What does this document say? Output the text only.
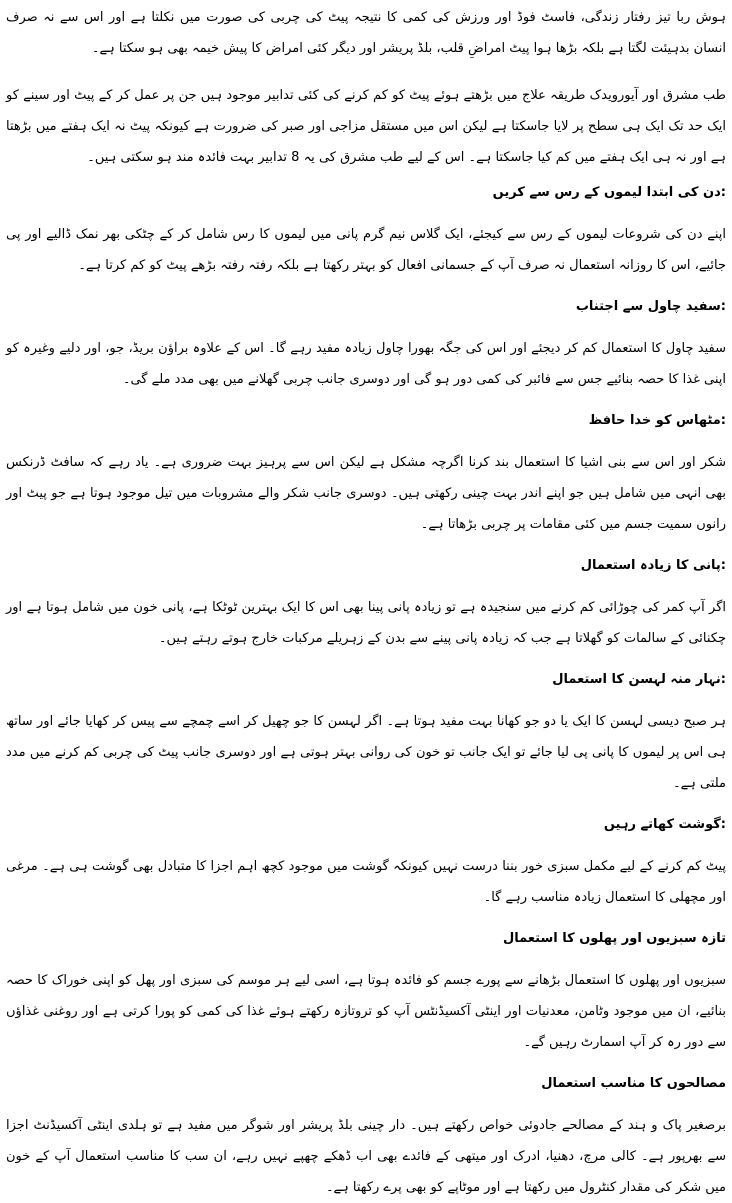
ہوش ربا تیز رفتار زندگی، فاسٹ فوڈ اور ورزش کی کمی کا نتیجہ پیٹ کی چربی کی صورت میں نکلتا ہے اور اس سے نہ صرف انسان بدہیئت لگتا ہے بلکہ بڑھا ہوا پیٹ امراضِ قلب، بلڈ پریشر اور دیگر کئی امراض کا پیش خیمہ بھی ہو سکتا ہے۔

طب مشرق اور آیورویدک طریقہ علاج میں بڑھتے ہوئے پیٹ کو کم کرنے کی کئی تدابیر موجود ہیں جن پر عمل کر کے پیٹ اور سینے کو ایک حد تک ایک ہی سطح پر لایا جاسکتا ہے لیکن اس میں مستقل مزاجی اور صبر کی ضرورت ہے کیونکہ پیٹ نہ ایک ہفتے میں بڑھتا ہے اور نہ ہی ایک ہفتے میں کم کیا جاسکتا ہے۔ اس کے لیے طب مشرق کی یہ 8 تدابیر بہت فائدہ مند ہو سکتی ہیں۔

:دن کی ابتدا لیموں کے رس سے کریں

اپنے دن کی شروعات لیموں کے رس سے کیجئے، ایک گلاس نیم گرم پانی میں لیموں کا رس شامل کر کے چٹکی بھر نمک ڈالیے اور پی جائیے، اس کا روزانہ استعمال نہ صرف آپ کے جسمانی افعال کو بہتر رکھتا ہے بلکہ رفتہ رفتہ بڑھے پیٹ کو کم کرتا ہے۔

:سفید چاول سے اجتناب

سفید چاول کا استعمال کم کر دیجئے اور اس کی جگہ بھورا چاول زیادہ مفید رہے گا۔ اس کے علاوہ براؤن بریڈ، جو، اور دلیے وغیرہ کو اپنی غذا کا حصہ بنائیے جس سے فائبر کی کمی دور ہو گی اور دوسری جانب چربی گھلانے میں بھی مدد ملے گی۔

:مٹھاس کو خدا حافظ

شکر اور اس سے بنی اشیا کا استعمال بند کرنا اگرچہ مشکل ہے لیکن اس سے پرہیز بہت ضروری ہے۔ یاد رہے کہ سافٹ ڈرنکس بھی انہی میں شامل ہیں جو اپنے اندر بہت چینی رکھتی ہیں۔ دوسری جانب شکر والے مشروبات میں تیل موجود ہوتا ہے جو پیٹ اور رانوں سمیت جسم میں کئی مقامات پر چربی بڑھاتا ہے۔

:پانی کا زیادہ استعمال

اگر آپ کمر کی چوڑائی کم کرنے میں سنجیدہ ہے تو زیادہ پانی پینا بھی اس کا ایک بہترین ٹوٹکا ہے، پانی خون میں شامل ہوتا ہے اور چکنائی کے سالمات کو گھلاتا ہے جب کہ زیادہ پانی پینے سے بدن کے زہریلے مرکبات خارج ہوتے رہتے ہیں۔

:نہار منہ لہسن کا استعمال

ہر صبح دیسی لہسن کا ایک یا دو جو کھانا بہت مفید ہوتا ہے۔ اگر لہسن کا جو چھیل کر اسے چمچے سے پیس کر کھایا جائے اور ساتھ ہی اس پر لیموں کا پانی پی لیا جائے تو ایک جانب تو خون کی روانی بہتر ہوتی ہے اور دوسری جانب پیٹ کی چربی کم کرنے میں مدد ملتی ہے۔

:گوشت کھاتے رہیں

پیٹ کم کرنے کے لیے مکمل سبزی خور بننا درست نہیں کیونکہ گوشت میں موجود کچھ اہم اجزا کا متبادل بھی گوشت ہی ہے۔ مرغی اور مچھلی کا استعمال زیادہ مناسب رہے گا۔

تازہ سبزیوں اور پھلوں کا استعمال

سبزیوں اور پھلوں کا استعمال بڑھانے سے پورے جسم کو فائدہ ہوتا ہے، اسی لیے ہر موسم کی سبزی اور پھل کو اپنی خوراک کا حصہ بنائیے، ان میں موجود وٹامن، معدنیات اور اینٹی آکسیڈنٹس آپ کو تروتازہ رکھتے ہوئے غذا کی کمی کو پورا کرتی ہے اور روغنی غذاؤں سے دور رہ کر آپ اسمارٹ رہیں گے۔

مصالحوں کا مناسب استعمال

برصغیر پاک و ہند کے مصالحے جادوئی خواص رکھتے ہیں۔ دار چینی بلڈ پریشر اور شوگر میں مفید ہے تو ہلدی اینٹی آکسیڈنٹ اجزا سے بھرپور ہے۔ کالی مرچ، دھنیا، ادرک اور میتھی کے فائدے بھی اب ڈھکے چھپے نہیں رہے، ان سب کا مناسب استعمال آپ کے خون میں شکر کی مقدار کنٹرول میں رکھتا ہے اور موٹاپے کو بھی پرے رکھتا ہے۔
